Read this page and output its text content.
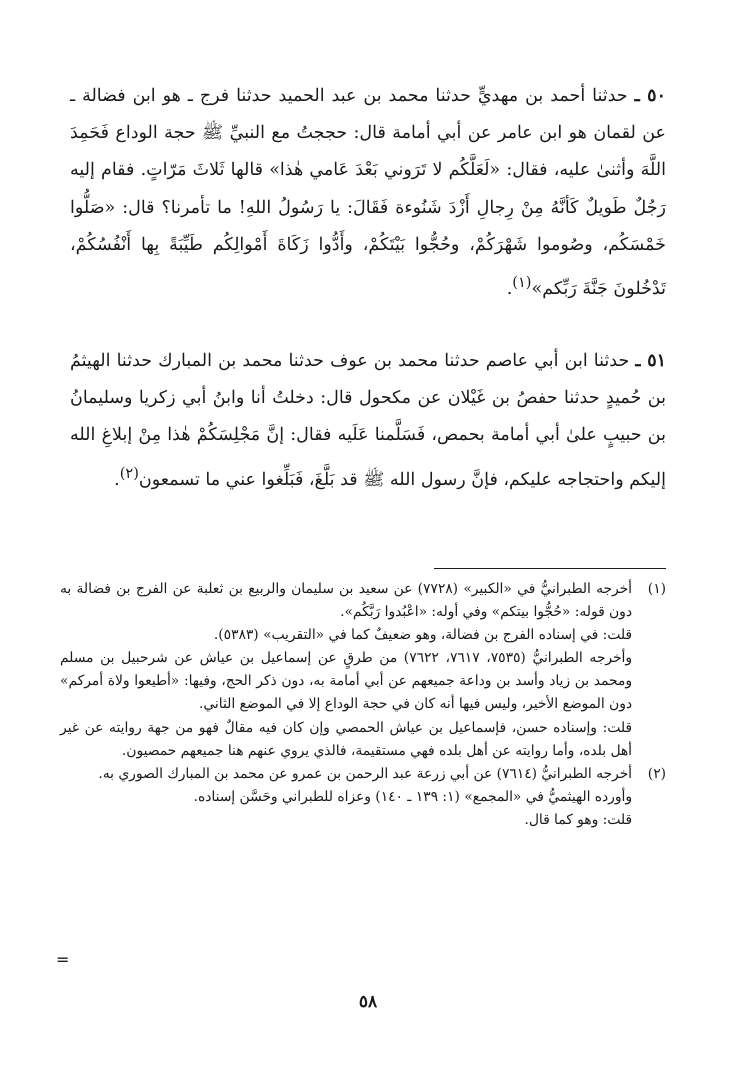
٥٠ ـ حدثنا أحمد بن مهديٍّ حدثنا محمد بن عبد الحميد حدثنا فرج ـ هو ابن فضالة ـ عن لقمان هو ابن عامر عن أبي أمامة قال: حججتُ مع النبيِّ ﷺ حجة الوداع فَحَمِدَ اللَّهَ وأثنىٰ عليه، فقال: «لَعَلَّكُم لا تَرَوني بَعْدَ عَامي هٰذا» قالها ثَلاثَ مَرّاتٍ. فقام إليه رَجُلٌ طَويلٌ كَأنَّهُ مِنْ رِجالِ أَزْدَ شَنُوءة فَقَالَ: يا رَسُولُ اللهِ! ما تأمرنا؟ قال: «صَلُّوا خَمْسَكُم، وصُوموا شَهْرَكُمْ، وحُجُّوا بَيْتَكُمْ، وأَدُّوا زَكَاةَ أَمْوالِكُم طَيِّبَةً بِها أَنْفُسُكُمْ، تَدْخُلونَ جَنَّةَ رَبِّكم»$^{(١)}$.

٥١ ـ حدثنا ابن أبي عاصم حدثنا محمد بن عوف حدثنا محمد بن المبارك حدثنا الهيثمُ بن حُميدٍ حدثنا حفصُ بن غَيْلان عن مكحول قال: دخلتُ أنا وابنُ أبي زكريا وسليمانُ بن حبيبٍ علىٰ أبي أمامة بحمص، فَسَلَّمنا عَلَيه فقال: إنَّ مَجْلِسَكُمْ هٰذا مِنْ إبلاغِ الله إليكم واحتجاجه عليكم، فإنَّ رسول الله ﷺ قد بَلَّغَ، فَبَلِّغوا عني ما تسمعون$^{(٢)}$.

(١)

أخرجه الطبرانيُّ في «الكبير» (٧٧٢٨) عن سعيد بن سليمان والربيع بن ثعلبة عن الفرج بن فضالة به دون قوله: «حُجُّوا بيتكم» وفي أوله: «اعْبُدوا رَبَّكُم».

قلت: في إسناده الفرج بن فضالة، وهو ضعيفٌ كما في «التقريب» (٥٣٨٣).

وأخرجه الطبرانيُّ (٧٥٣٥، ٧٦١٧، ٧٦٢٢) من طرقٍ عن إسماعيل بن عياش عن شرحبيل بن مسلم ومحمد بن زياد وأسد بن وداعة جميعهم عن أبي أمامة به، دون ذكر الحج، وفيها: «أطيعوا ولاة أمركم» دون الموضع الأخير، وليس فيها أنه كان في حجة الوداع إلا في الموضع الثاني.

قلت: وإسناده حسن، فإسماعيل بن عياش الحمصي وإن كان فيه مقالٌ فهو من جهة روايته عن غير أهل بلده، وأما روايته عن أهل بلده فهي مستقيمة، فالذي يروي عنهم هنا جميعهم حمصيون.

(٢)

أخرجه الطبرانيُّ (٧٦١٤) عن أبي زرعة عبد الرحمن بن عمرو عن محمد بن المبارك الصوري به.

وأورده الهيثميُّ في «المجمع» (١: ١٣٩ ـ ١٤٠) وعزاه للطبراني وحَسَّن إسناده.

قلت: وهو كما قال.

=
٥٨
